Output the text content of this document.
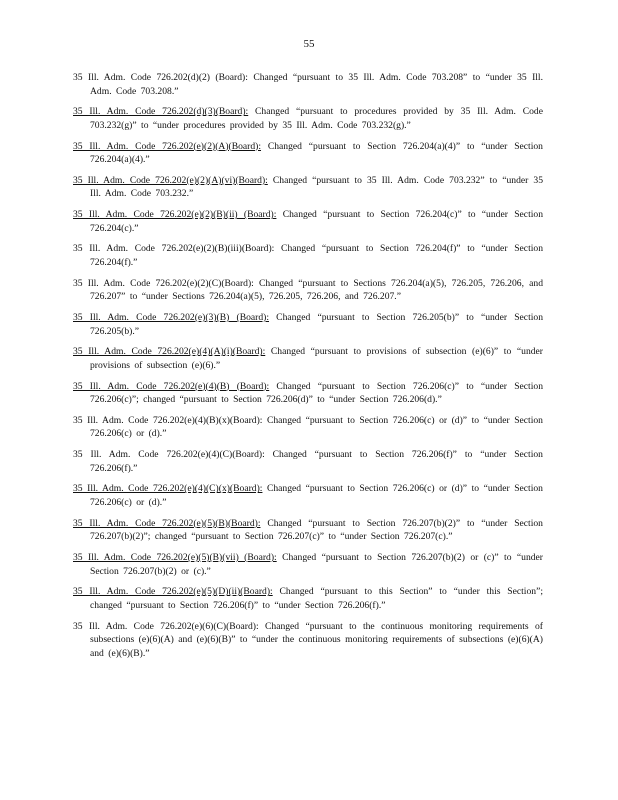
55
35 Ill. Adm. Code 726.202(d)(2) (Board): Changed “pursuant to 35 Ill. Adm. Code 703.208” to “under 35 Ill. Adm. Code 703.208.”
35 Ill. Adm. Code 726.202(d)(3)(Board): Changed “pursuant to procedures provided by 35 Ill. Adm. Code 703.232(g)” to “under procedures provided by 35 Ill. Adm. Code 703.232(g).”
35 Ill. Adm. Code 726.202(e)(2)(A)(Board): Changed “pursuant to Section 726.204(a)(4)” to “under Section 726.204(a)(4).”
35 Ill. Adm. Code 726.202(e)(2)(A)(vi)(Board): Changed “pursuant to 35 Ill. Adm. Code 703.232” to “under 35 Ill. Adm. Code 703.232.”
35 Ill. Adm. Code 726.202(e)(2)(B)(ii) (Board): Changed “pursuant to Section 726.204(c)” to “under Section 726.204(c).”
35 Ill. Adm. Code 726.202(e)(2)(B)(iii)(Board): Changed “pursuant to Section 726.204(f)” to “under Section 726.204(f).”
35 Ill. Adm. Code 726.202(e)(2)(C)(Board): Changed “pursuant to Sections 726.204(a)(5), 726.205, 726.206, and 726.207” to “under Sections 726.204(a)(5), 726.205, 726.206, and 726.207.”
35 Ill. Adm. Code 726.202(e)(3)(B) (Board): Changed “pursuant to Section 726.205(b)” to “under Section 726.205(b).”
35 Ill. Adm. Code 726.202(e)(4)(A)(i)(Board): Changed “pursuant to provisions of subsection (e)(6)” to “under provisions of subsection (e)(6).”
35 Ill. Adm. Code 726.202(e)(4)(B) (Board): Changed “pursuant to Section 726.206(c)” to “under Section 726.206(c)”; changed “pursuant to Section 726.206(d)” to “under Section 726.206(d).”
35 Ill. Adm. Code 726.202(e)(4)(B)(x)(Board): Changed “pursuant to Section 726.206(c) or (d)” to “under Section 726.206(c) or (d).”
35 Ill. Adm. Code 726.202(e)(4)(C)(Board): Changed “pursuant to Section 726.206(f)” to “under Section 726.206(f).”
35 Ill. Adm. Code 726.202(e)(4)(C)(x)(Board): Changed “pursuant to Section 726.206(c) or (d)” to “under Section 726.206(c) or (d).”
35 Ill. Adm. Code 726.202(e)(5)(B)(Board): Changed “pursuant to Section 726.207(b)(2)” to “under Section 726.207(b)(2)”; changed “pursuant to Section 726.207(c)” to “under Section 726.207(c).”
35 Ill. Adm. Code 726.202(e)(5)(B)(vii) (Board): Changed “pursuant to Section 726.207(b)(2) or (c)” to “under Section 726.207(b)(2) or (c).”
35 Ill. Adm. Code 726.202(e)(5)(D)(ii)(Board): Changed “pursuant to this Section” to “under this Section”; changed “pursuant to Section 726.206(f)” to “under Section 726.206(f).”
35 Ill. Adm. Code 726.202(e)(6)(C)(Board): Changed “pursuant to the continuous monitoring requirements of subsections (e)(6)(A) and (e)(6)(B)” to “under the continuous monitoring requirements of subsections (e)(6)(A) and (e)(6)(B).”
